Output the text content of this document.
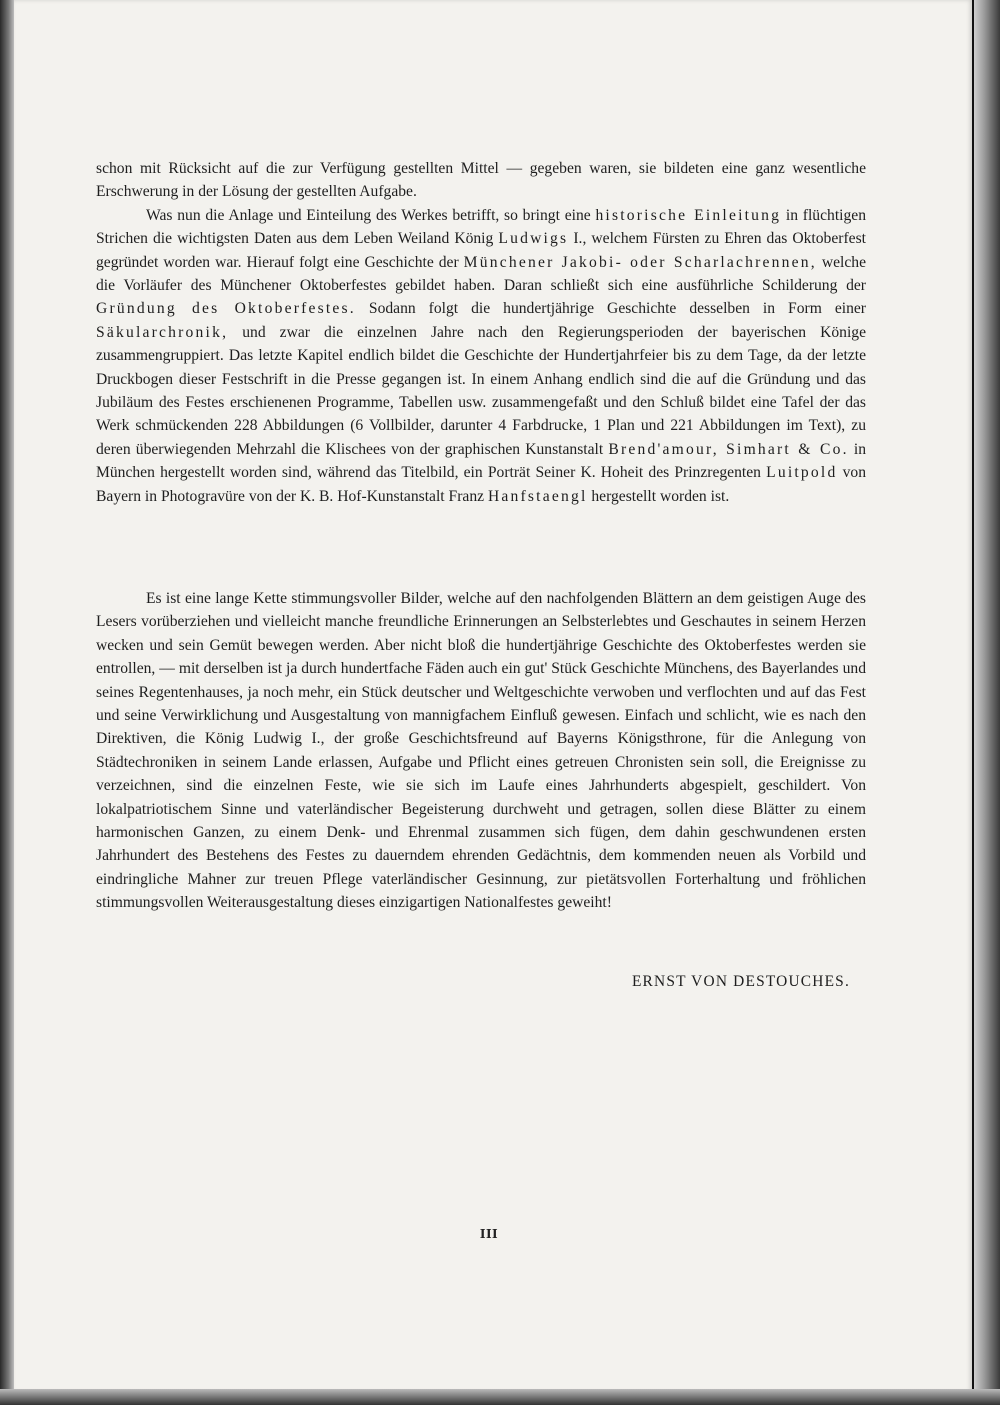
schon mit Rücksicht auf die zur Verfügung gestellten Mittel — gegeben waren, sie bildeten eine ganz wesentliche Erschwerung in der Lösung der gestellten Aufgabe.

Was nun die Anlage und Einteilung des Werkes betrifft, so bringt eine historische Einleitung in flüchtigen Strichen die wichtigsten Daten aus dem Leben Weiland König Ludwigs I., welchem Fürsten zu Ehren das Oktoberfest gegründet worden war. Hierauf folgt eine Geschichte der Münchener Jakobi- oder Scharlachrennen, welche die Vorläufer des Münchener Oktoberfestes gebildet haben. Daran schließt sich eine ausführliche Schilderung der Gründung des Oktoberfestes. Sodann folgt die hundertjährige Geschichte desselben in Form einer Säkularchronik, und zwar die einzelnen Jahre nach den Regierungsperioden der bayerischen Könige zusammengruppiert. Das letzte Kapitel endlich bildet die Geschichte der Hundertjahrfeier bis zu dem Tage, da der letzte Druckbogen dieser Festschrift in die Presse gegangen ist. In einem Anhang endlich sind die auf die Gründung und das Jubiläum des Festes erschienenen Programme, Tabellen usw. zusammengefaßt und den Schluß bildet eine Tafel der das Werk schmückenden 228 Abbildungen (6 Vollbilder, darunter 4 Farbdrucke, 1 Plan und 221 Abbildungen im Text), zu deren überwiegenden Mehrzahl die Klischees von der graphischen Kunstanstalt Brend'amour, Simhart & Co. in München hergestellt worden sind, während das Titelbild, ein Porträt Seiner K. Hoheit des Prinzregenten Luitpold von Bayern in Photogravüre von der K. B. Hof-Kunstanstalt Franz Hanfstaengl hergestellt worden ist.

Es ist eine lange Kette stimmungsvoller Bilder, welche auf den nachfolgenden Blättern an dem geistigen Auge des Lesers vorüberziehen und vielleicht manche freundliche Erinnerungen an Selbsterlebtes und Geschautes in seinem Herzen wecken und sein Gemüt bewegen werden. Aber nicht bloß die hundertjährige Geschichte des Oktoberfestes werden sie entrollen, — mit derselben ist ja durch hundertfache Fäden auch ein gut' Stück Geschichte Münchens, des Bayerlandes und seines Regentenhauses, ja noch mehr, ein Stück deutscher und Weltgeschichte verwoben und verflochten und auf das Fest und seine Verwirklichung und Ausgestaltung von mannigfachem Einfluß gewesen. Einfach und schlicht, wie es nach den Direktiven, die König Ludwig I., der große Geschichtsfreund auf Bayerns Königsthrone, für die Anlegung von Städtechroniken in seinem Lande erlassen, Aufgabe und Pflicht eines getreuen Chronisten sein soll, die Ereignisse zu verzeichnen, sind die einzelnen Feste, wie sie sich im Laufe eines Jahrhunderts abgespielt, geschildert. Von lokalpatriotischem Sinne und vaterländischer Begeisterung durchweht und getragen, sollen diese Blätter zu einem harmonischen Ganzen, zu einem Denk- und Ehrenmal zusammen sich fügen, dem dahin geschwundenen ersten Jahrhundert des Bestehens des Festes zu dauerndem ehrenden Gedächtnis, dem kommenden neuen als Vorbild und eindringliche Mahner zur treuen Pflege vaterländischer Gesinnung, zur pietätsvollen Forterhaltung und fröhlichen stimmungsvollen Weiterausgestaltung dieses einzigartigen Nationalfestes geweiht!

ERNST VON DESTOUCHES.
III
